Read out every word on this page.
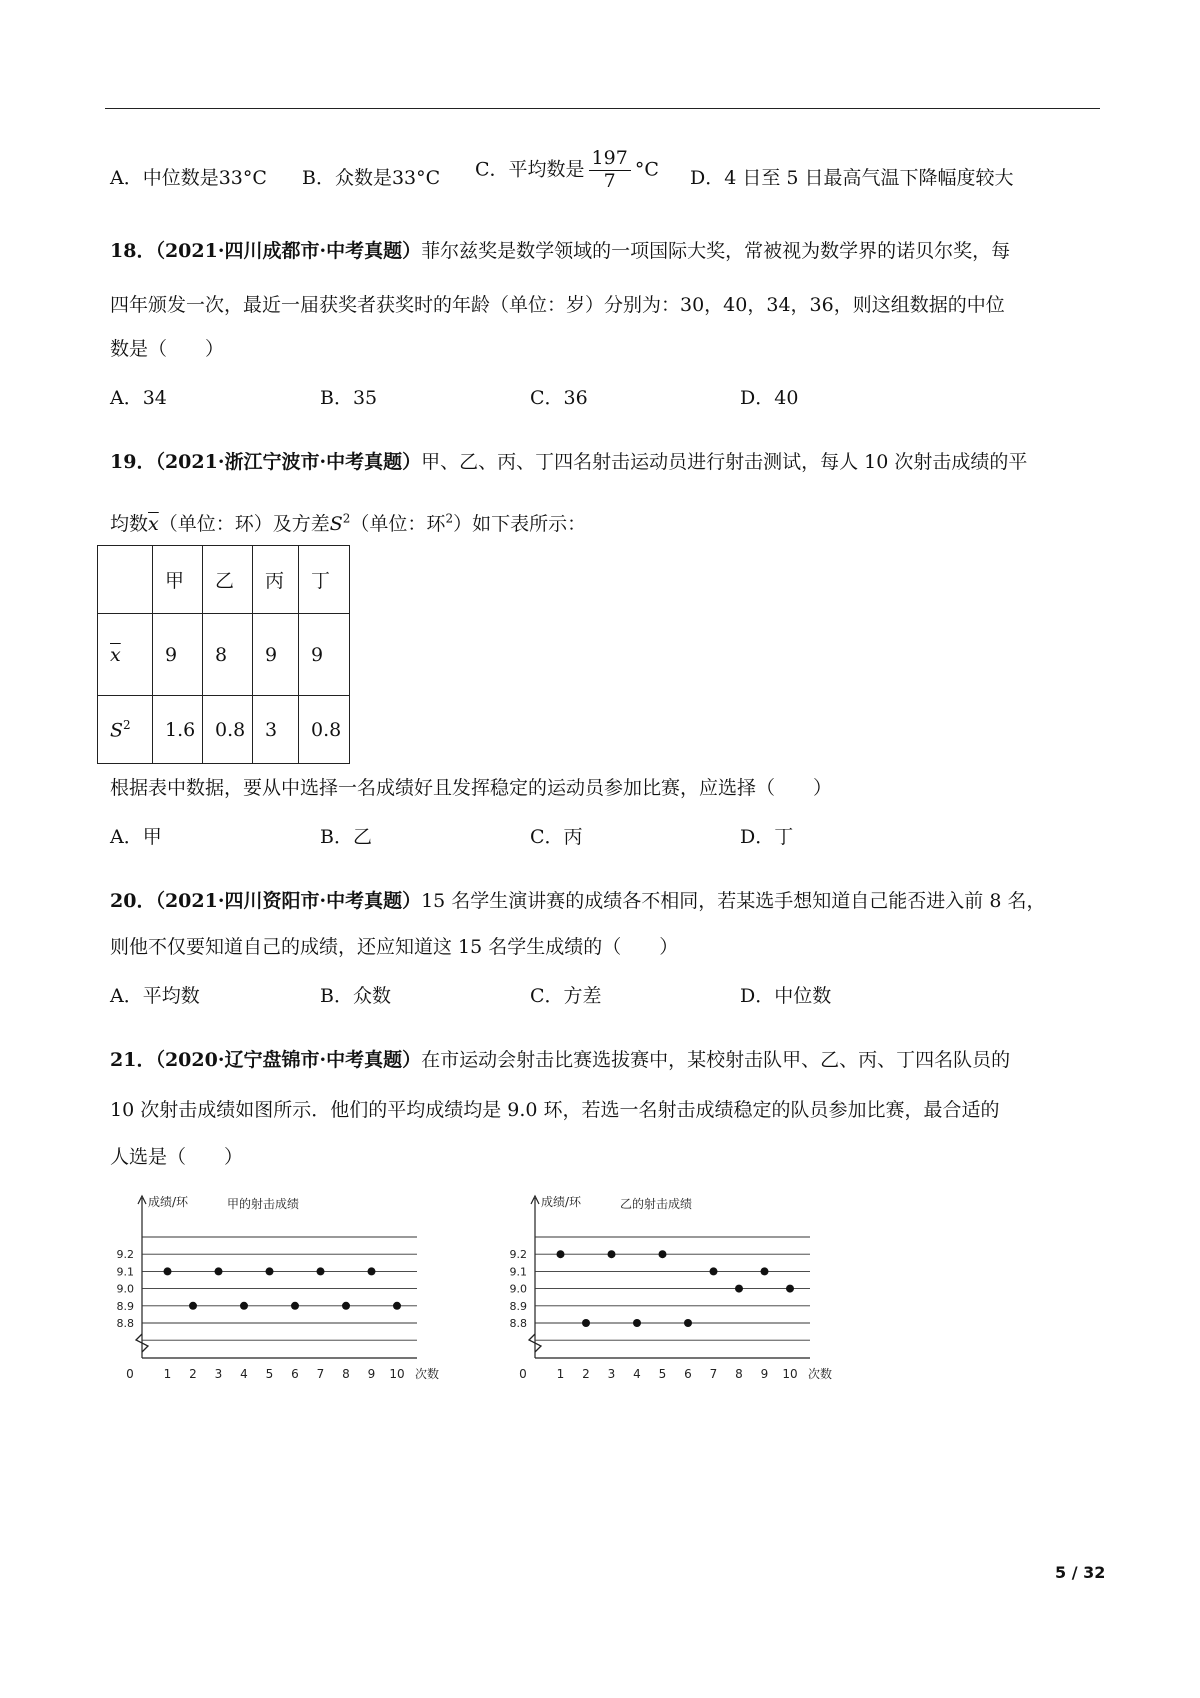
A．中位数是33°C B．众数是33°C C．平均数是 $\frac{197}{7} ^\circ C$ D．4 日至 5 日最高气温下降幅度较大
18．（2021·四川成都市·中考真题）菲尔兹奖是数学领域的一项国际大奖，常被视为数学界的诺贝尔奖，每
四年颁发一次，最近一届获奖者获奖时的年龄（单位：岁）分别为：30，40，34，36，则这组数据的中位
数是（　　）
A．34	B．35	C．36	D．40
19．（2021·浙江宁波市·中考真题）甲、乙、丙、丁四名射击运动员进行射击测试，每人 10 次射击成绩的平
均数$\overline{x}$（单位：环）及方差$S^2$（单位：环$^2$）如下表所示：
	甲	乙	丙	丁
$\overline{x}$	9	8	9	9
$S^2$	1.6	0.8	3	0.8
根据表中数据，要从中选择一名成绩好且发挥稳定的运动员参加比赛，应选择（　　）
A．甲	B．乙	C．丙	D．丁
20．（2021·四川资阳市·中考真题）15 名学生演讲赛的成绩各不相同，若某选手想知道自己能否进入前 8 名，
则他不仅要知道自己的成绩，还应知道这 15 名学生成绩的（　　）
A．平均数	B．众数	C．方差	D．中位数
21．（2020·辽宁盘锦市·中考真题）在市运动会射击比赛选拔赛中，某校射击队甲、乙、丙、丁四名队员的
10 次射击成绩如图所示．他们的平均成绩均是 9.0 环，若选一名射击成绩稳定的队员参加比赛，最合适的
人选是（　　）
8.8
8.9
9.0
9.1
9.2
0 1 2 3 4 5 6 7 8 9 10
成绩/环
次数
甲的射击成绩
8.8
8.9
9.0
9.1
9.2
0 1 2 3 4 5 6 7 8 9 10
成绩/环
次数
乙的射击成绩
5 / 32
